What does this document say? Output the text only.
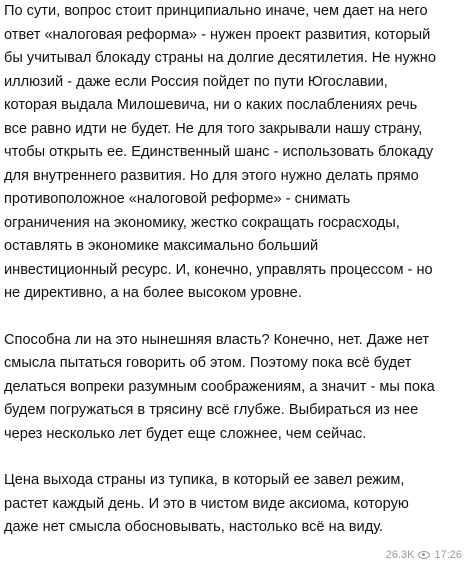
По сути, вопрос стоит принципиально иначе, чем дает на него
ответ «налоговая реформа» - нужен проект развития, который
бы учитывал блокаду страны на долгие десятилетия. Не нужно
иллюзий - даже если Россия пойдет по пути Югославии,
которая выдала Милошевича, ни о каких послаблениях речь
все равно идти не будет. Не для того закрывали нашу страну,
чтобы открыть ее. Единственный шанс - использовать блокаду
для внутреннего развития. Но для этого нужно делать прямо
противоположное «налоговой реформе» - снимать
ограничения на экономику, жестко сокращать госрасходы,
оставлять в экономике максимально больший
инвестиционный ресурс. И, конечно, управлять процессом - но
не директивно, а на более высоком уровне.

Способна ли на это нынешняя власть? Конечно, нет. Даже нет
смысла пытаться говорить об этом. Поэтому пока всё будет
делаться вопреки разумным соображениям, а значит - мы пока
будем погружаться в трясину всё глубже. Выбираться из нее
через несколько лет будет еще сложнее, чем сейчас.

Цена выхода страны из тупика, в который ее завел режим,
растет каждый день. И это в чистом виде аксиома, которую
даже нет смысла обосновывать, настолько всё на виду.

26.3K 17:26
